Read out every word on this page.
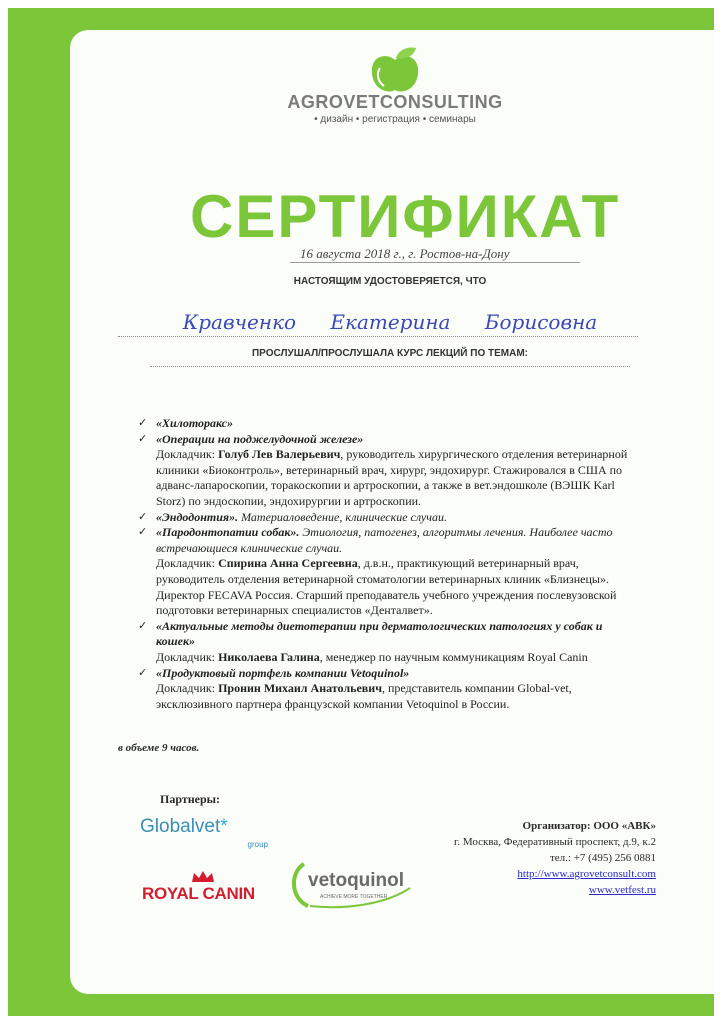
AGROVETCONSULTING
• дизайн • регистрация • семинары
СЕРТИФИКАТ
16 августа 2018 г., г. Ростов-на-Дону
НАСТОЯЩИМ УДОСТОВЕРЯЕТСЯ, ЧТО
Кравченко Екатерина Борисовна
ПРОСЛУШАЛ/ПРОСЛУШАЛА КУРС ЛЕКЦИЙ ПО ТЕМАМ:
✓ «Хилоторакс»
✓ «Операции на поджелудочной железе»
Докладчик: Голуб Лев Валерьевич, руководитель хирургического отделения ветеринарной клиники «Биоконтроль», ветеринарный врач, хирург, эндохирург. Стажировался в США по адванс-лапароскопии, торакоскопии и артроскопии, а также в вет.эндошколе (ВЭШК Karl Storz) по эндоскопии, эндохирургии и артроскопии.
✓ «Эндодонтия». Материаловедение, клинические случаи.
✓ «Пародонтопатии собак». Этиология, патогенез, алгоритмы лечения. Наиболее часто встречающиеся клинические случаи.
Докладчик: Спирина Анна Сергеевна, д.в.н., практикующий ветеринарный врач, руководитель отделения ветеринарной стоматологии ветеринарных клиник «Близнецы». Директор FECAVA Россия. Старший преподаватель учебного учреждения послевузовской подготовки ветеринарных специалистов «Денталвет».
✓ «Актуальные методы диетотерапии при дерматологических патологиях у собак и кошек»
Докладчик: Николаева Галина, менеджер по научным коммуникациям Royal Canin
✓ «Продуктовый портфель компании Vetoquinol»
Докладчик: Пронин Михаил Анатольевич, представитель компании Global-vet, эксклюзивного партнера французской компании Vetoquinol в России.
в объеме 9 часов.
Партнеры:
Globalvet*
group
ROYAL CANIN
vetoquinol
ACHIEVE MORE TOGETHER
Организатор: ООО «АВК»
г. Москва, Федеративный проспект, д.9, к.2
тел.: +7 (495) 256 0881
http://www.agrovetconsult.com
www.vetfest.ru
